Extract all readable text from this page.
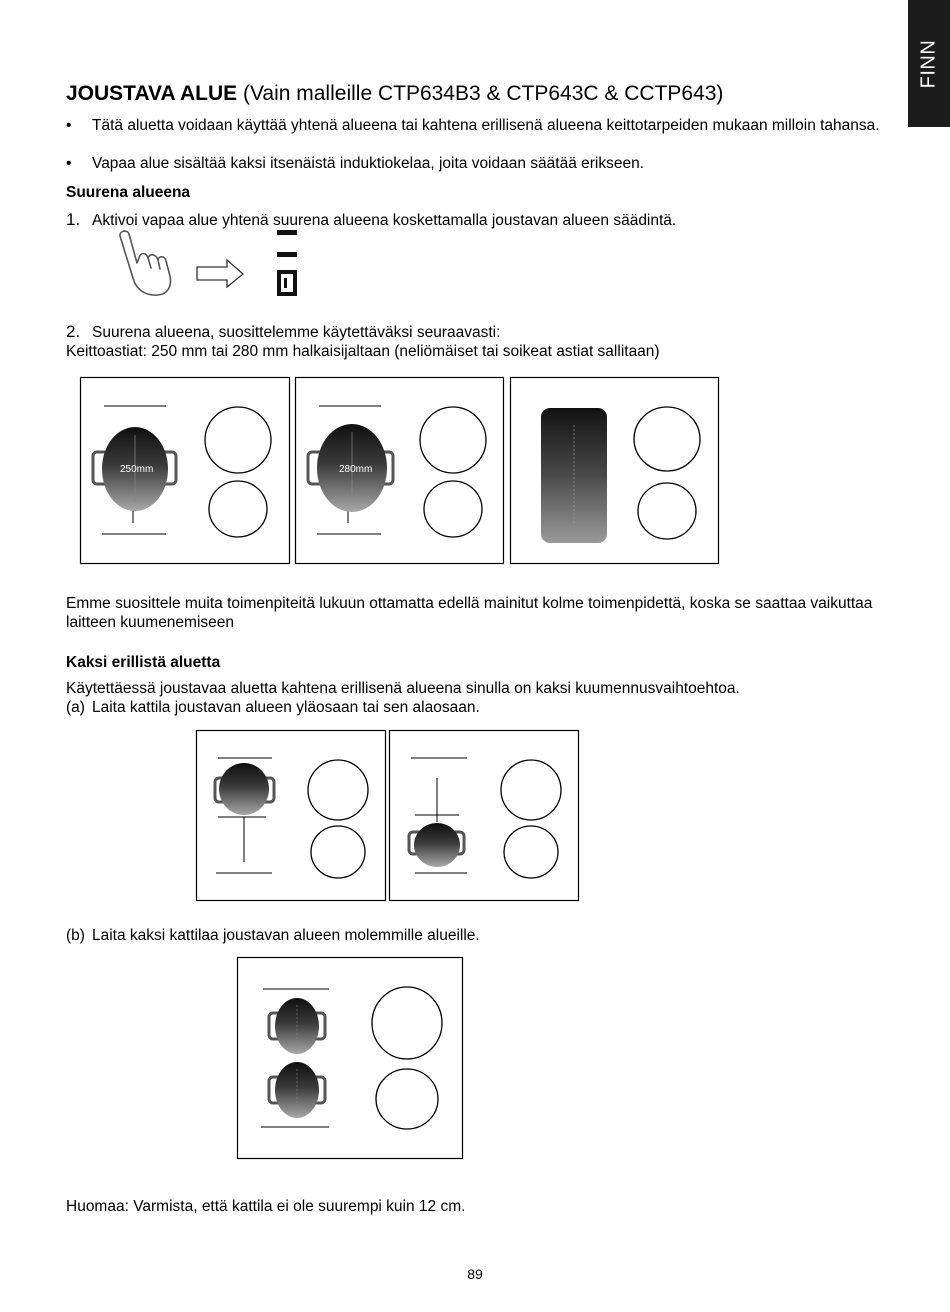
FINN
JOUSTAVA ALUE (Vain malleille CTP634B3 & CTP643C & CCTP643)
• Tätä aluetta voidaan käyttää yhtenä alueena tai kahtena erillisenä alueena keittotarpeiden mukaan milloin tahansa.
• Vapaa alue sisältää kaksi itsenäistä induktiokelaa, joita voidaan säätää erikseen.
Suurena alueena
1. Aktivoi vapaa alue yhtenä suurena alueena koskettamalla joustavan alueen säädintä.
2. Suurena alueena, suosittelemme käytettäväksi seuraavasti:
Keittoastiat: 250 mm tai 280 mm halkaisijaltaan (neliömäiset tai soikeat astiat sallitaan)
250mm	280mm
Emme suosittele muita toimenpiteitä lukuun ottamatta edellä mainitut kolme toimenpidettä, koska se saattaa vaikuttaa laitteen kuumenemiseen
Kaksi erillistä aluetta
Käytettäessä joustavaa aluetta kahtena erillisenä alueena sinulla on kaksi kuumennusvaihtoehtoa.
(a) Laita kattila joustavan alueen yläosaan tai sen alaosaan.
(b) Laita kaksi kattilaa joustavan alueen molemmille alueille.
Huomaa: Varmista, että kattila ei ole suurempi kuin 12 cm.
89
